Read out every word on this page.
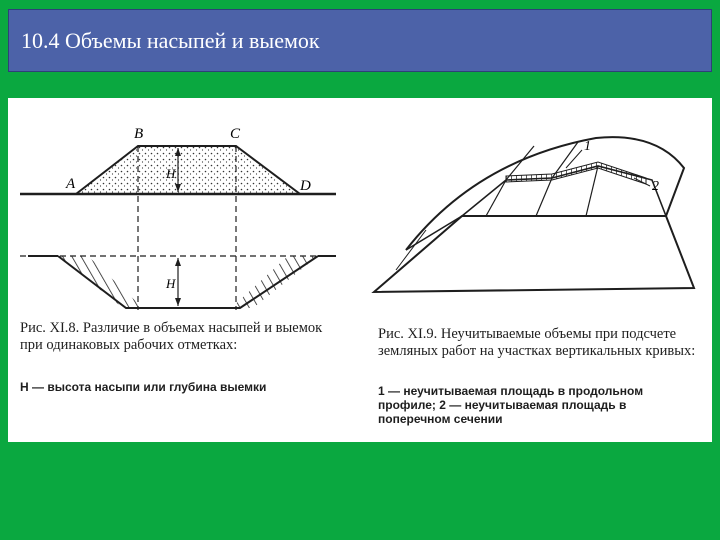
10.4 Объемы насыпей и выемок
A
B	C
D
H
H
Рис. XI.8. Различие в объемах насыпей и выемок при одинаковых рабочих отметках:
H — высота насыпи или глубина выемки
1
2
Рис. XI.9. Неучитываемые объемы при подсчете земляных работ на участках вертикальных кривых:
1 — неучитываемая площадь в продольном профиле; 2 — неучитываемая площадь в поперечном сечении
